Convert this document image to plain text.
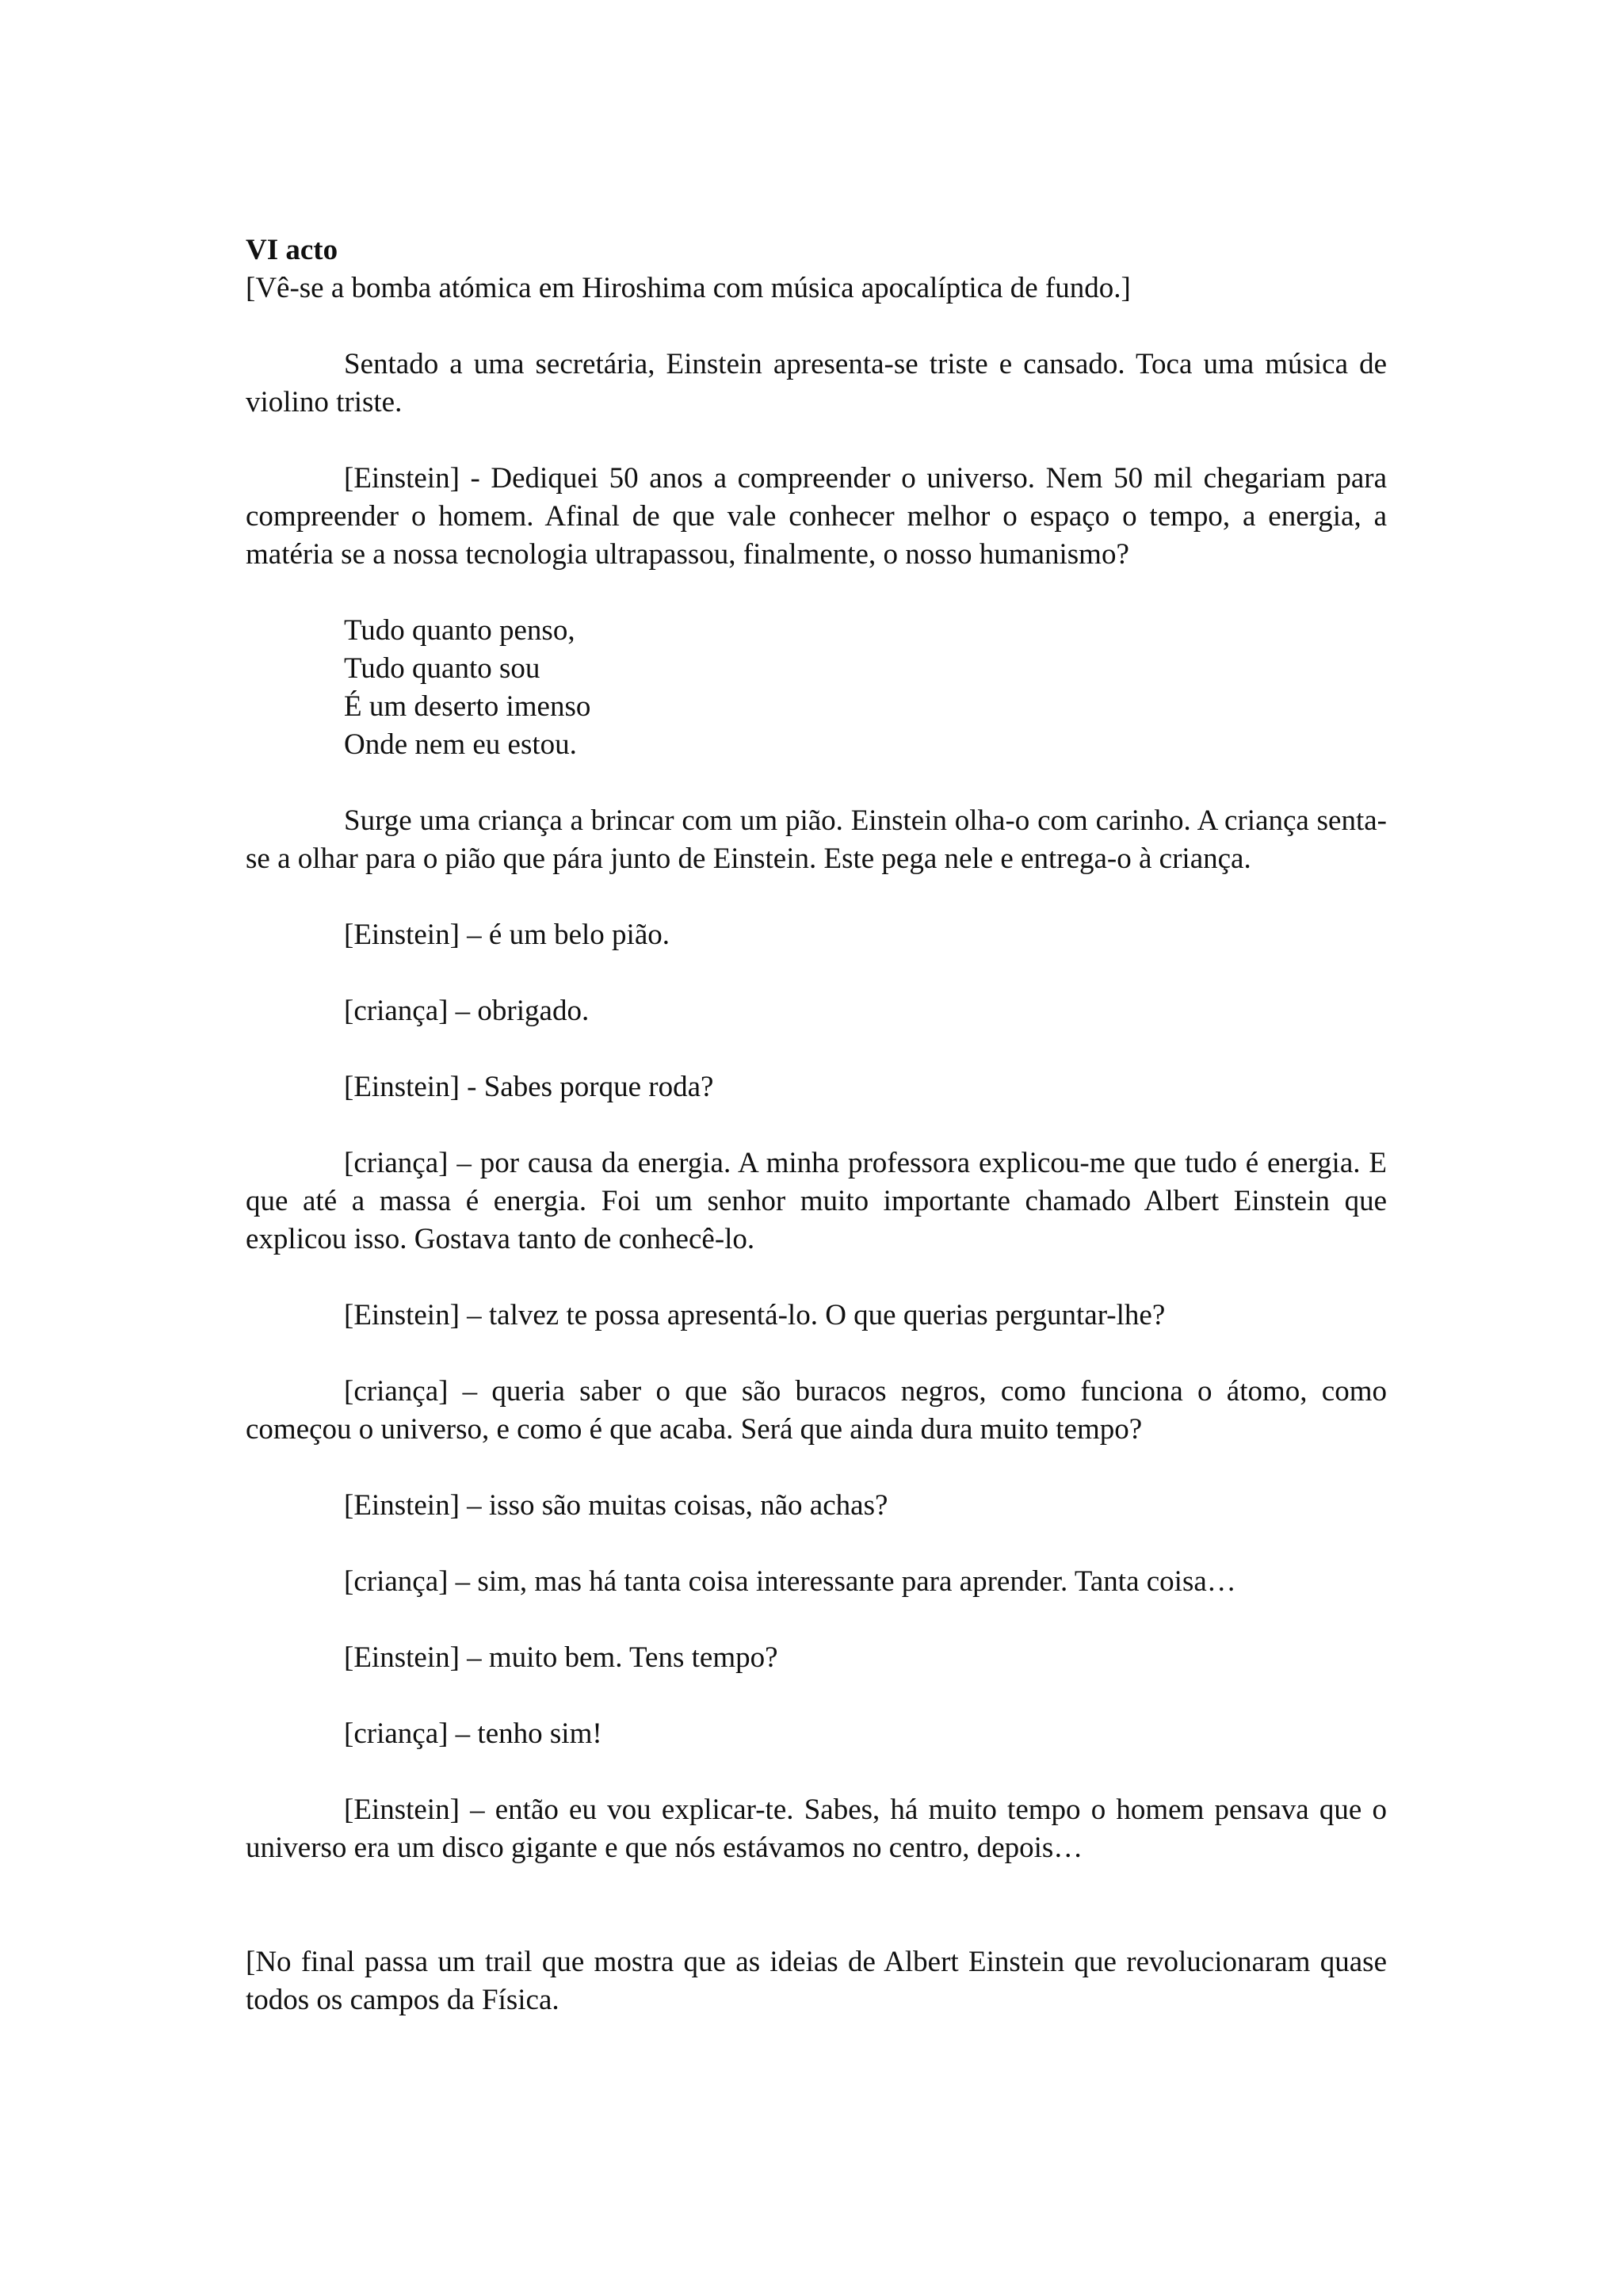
VI acto

[Vê-se a bomba atómica em Hiroshima com música apocalíptica de fundo.]

Sentado a uma secretária, Einstein apresenta-se triste e cansado. Toca uma música de violino triste.

[Einstein] - Dediquei 50 anos a compreender o universo. Nem 50 mil chegariam para compreender o homem. Afinal de que vale conhecer melhor o espaço o tempo, a energia, a matéria se a nossa tecnologia ultrapassou, finalmente, o nosso humanismo?

Tudo quanto penso,

Tudo quanto sou

É um deserto imenso

Onde nem eu estou.

Surge uma criança a brincar com um pião. Einstein olha-o com carinho. A criança senta-se a olhar para o pião que pára junto de Einstein. Este pega nele e entrega-o à criança.

[Einstein] – é um belo pião.

[criança] – obrigado.

[Einstein] - Sabes porque roda?

[criança] – por causa da energia. A minha professora explicou-me que tudo é energia. E que até a massa é energia. Foi um senhor muito importante chamado Albert Einstein que explicou isso. Gostava tanto de conhecê-lo.

[Einstein] – talvez te possa apresentá-lo. O que querias perguntar-lhe?

[criança] – queria saber o que são buracos negros, como funciona o átomo, como começou o universo, e como é que acaba. Será que ainda dura muito tempo?

[Einstein] – isso são muitas coisas, não achas?

[criança] – sim, mas há tanta coisa interessante para aprender. Tanta coisa…

[Einstein] – muito bem. Tens tempo?

[criança] – tenho sim!

[Einstein] – então eu vou explicar-te. Sabes, há muito tempo o homem pensava que o universo era um disco gigante e que nós estávamos no centro, depois…

[No final passa um trail que mostra que as ideias de Albert Einstein que revolucionaram quase todos os campos da Física.
